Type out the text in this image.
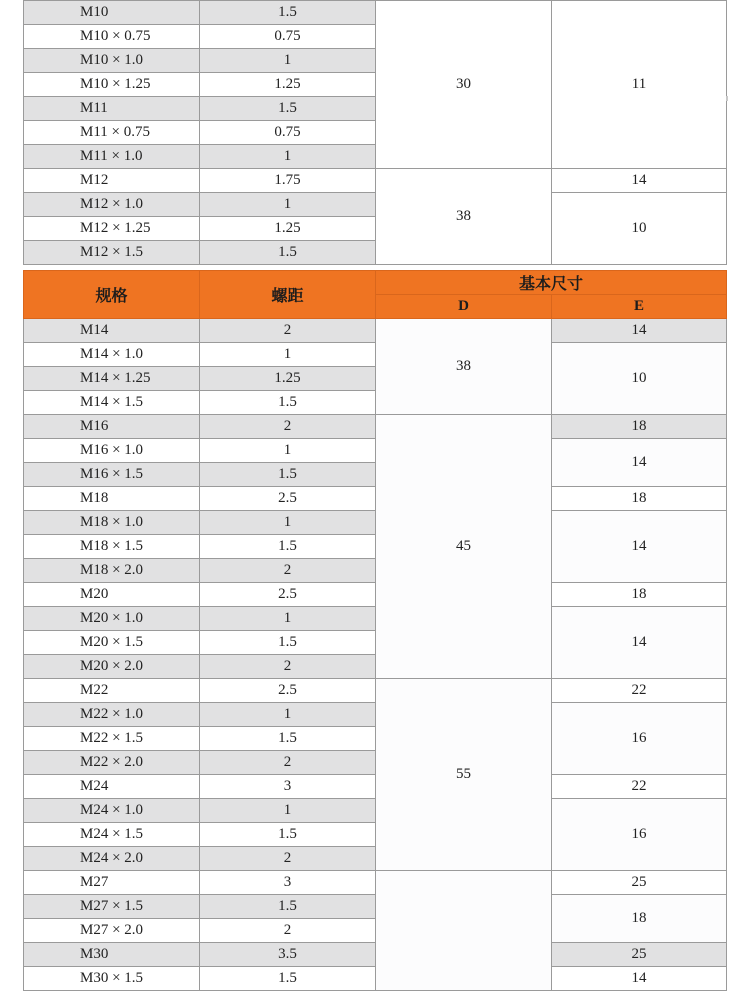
M10	1.5	30	11
M10 × 0.75	0.75		
M10 × 1.0	1		
M10 × 1.25	1.25		
M11	1.5		
M11 × 0.75	0.75		
M11 × 1.0	1		
M12	1.75	38	14
M12 × 1.0	1		10
M12 × 1.25	1.25		
M12 × 1.5	1.5		
规格	螺距	基本尺寸	
		D	E
M14	2	38	14
M14 × 1.0	1		10
M14 × 1.25	1.25		
M14 × 1.5	1.5		
M16	2	45	18
M16 × 1.0	1		14
M16 × 1.5	1.5		
M18	2.5		18
M18 × 1.0	1		14
M18 × 1.5	1.5		
M18 × 2.0	2		
M20	2.5		18
M20 × 1.0	1		14
M20 × 1.5	1.5		
M20 × 2.0	2		
M22	2.5	55	22
M22 × 1.0	1		16
M22 × 1.5	1.5		
M22 × 2.0	2		
M24	3		22
M24 × 1.0	1		16
M24 × 1.5	1.5		
M24 × 2.0	2		
M27	3		25
M27 × 1.5	1.5		18
M27 × 2.0	2		
M30	3.5		25
M30 × 1.5	1.5		14
